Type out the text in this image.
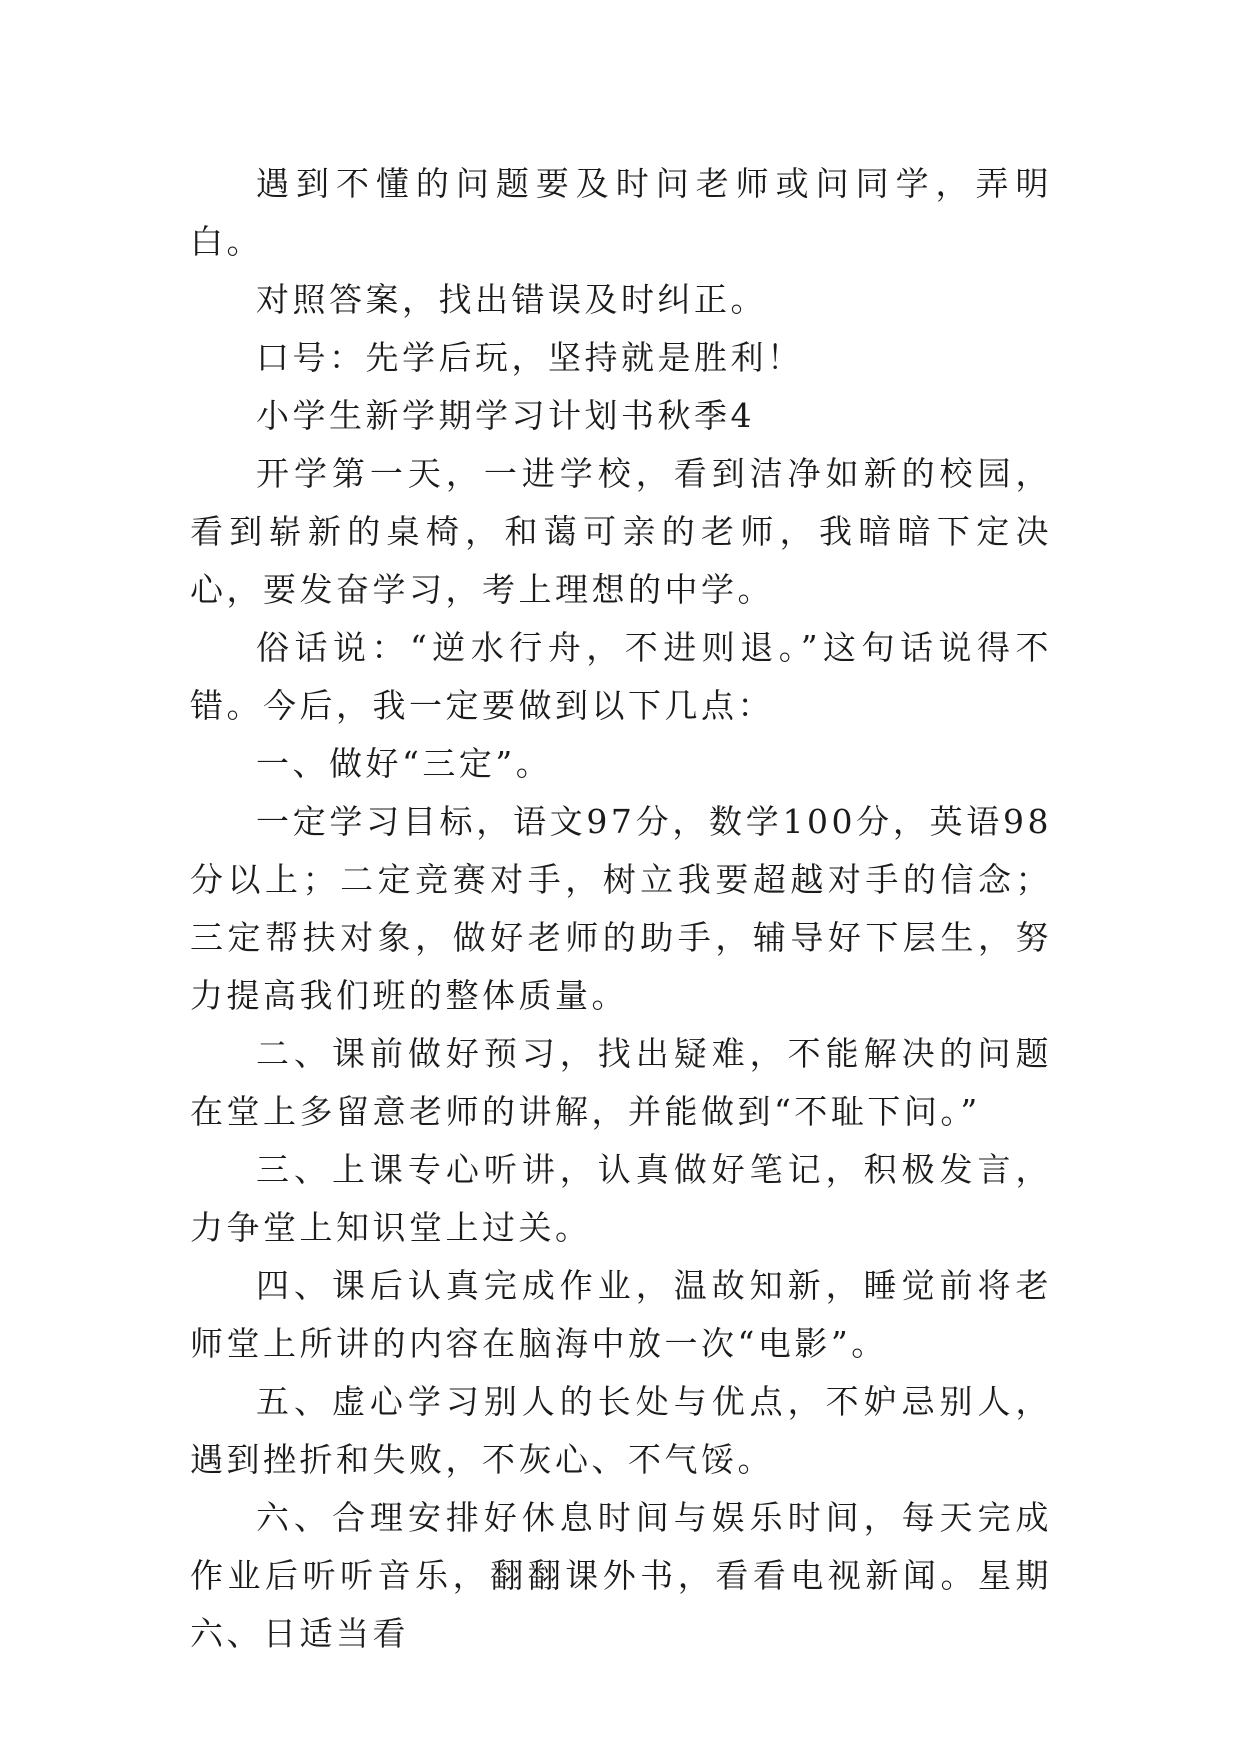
遇到不懂的问题要及时问老师或问同学，弄明白。

对照答案，找出错误及时纠正。

口号：先学后玩，坚持就是胜利！

小学生新学期学习计划书秋季4

开学第一天，一进学校，看到洁净如新的校园，看到崭新的桌椅，和蔼可亲的老师，我暗暗下定决心，要发奋学习，考上理想的中学。

俗话说：“逆水行舟，不进则退。”这句话说得不错。今后，我一定要做到以下几点：

一、做好“三定”。

一定学习目标，语文97分，数学100分，英语98分以上；二定竞赛对手，树立我要超越对手的信念；三定帮扶对象，做好老师的助手，辅导好下层生，努力提高我们班的整体质量。

二、课前做好预习，找出疑难，不能解决的问题在堂上多留意老师的讲解，并能做到“不耻下问。”

三、上课专心听讲，认真做好笔记，积极发言，力争堂上知识堂上过关。

四、课后认真完成作业，温故知新，睡觉前将老师堂上所讲的内容在脑海中放一次“电影”。

五、虚心学习别人的长处与优点，不妒忌别人，遇到挫折和失败，不灰心、不气馁。

六、合理安排好休息时间与娱乐时间，每天完成作业后听听音乐，翻翻课外书，看看电视新闻。星期六、日适当看
